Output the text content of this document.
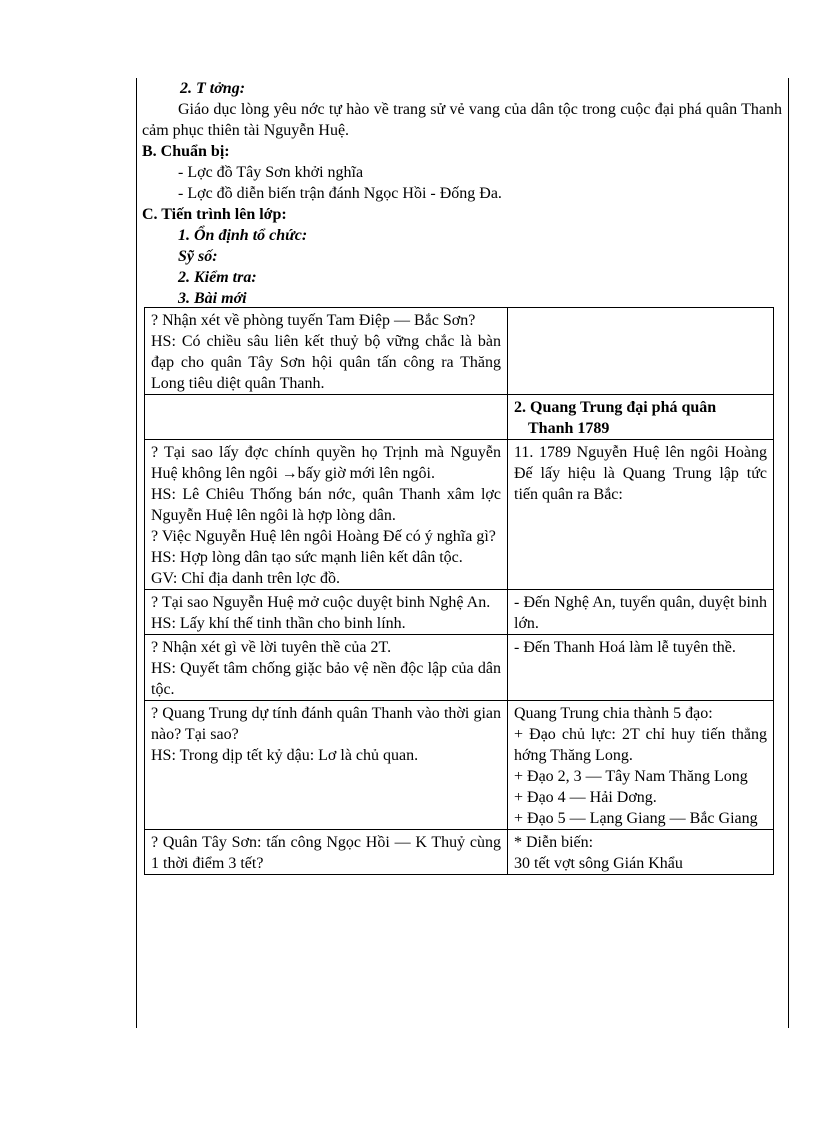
2. T tởng:
Giáo dục lòng yêu nớc tự hào về trang sử vẻ vang của dân tộc trong cuộc đại phá quân Thanh cảm phục thiên tài Nguyễn Huệ.
B. Chuẩn bị:
- Lợc đồ Tây Sơn khởi nghĩa
- Lợc đồ diễn biến trận đánh Ngọc Hồi - Đống Đa.
C. Tiến trình lên lớp:
1. Ổn định tổ chức:
Sỹ số:
2. Kiểm tra:
3. Bài mới
? Nhận xét về phòng tuyến Tam Điệp — Bắc Sơn?
HS: Có chiều sâu liên kết thuỷ bộ vững chắc là bàn đạp cho quân Tây Sơn hội quân tấn công ra Thăng Long tiêu diệt quân Thanh.	

	2. Quang Trung đại phá quân
Thanh 1789

? Tại sao lấy đợc chính quyền họ Trịnh mà Nguyễn Huệ không lên ngôi →bấy giờ mới lên ngôi.
HS: Lê Chiêu Thống bán nớc, quân Thanh xâm lợc Nguyễn Huệ lên ngôi là hợp lòng dân.
? Việc Nguyễn Huệ lên ngôi Hoàng Đế có ý nghĩa gì?
HS: Hợp lòng dân tạo sức mạnh liên kết dân tộc.
GV: Chỉ địa danh trên lợc đồ.	11. 1789 Nguyễn Huệ lên ngôi Hoàng Đế lấy hiệu là Quang Trung lập tức tiến quân ra Bắc:

? Tại sao Nguyễn Huệ mở cuộc duyệt binh Nghệ An.
HS: Lấy khí thế tinh thần cho binh lính.	- Đến Nghệ An, tuyển quân, duyệt binh lớn.

? Nhận xét gì về lời tuyên thề của 2T.
HS: Quyết tâm chống giặc bảo vệ nền độc lập của dân tộc.	- Đến Thanh Hoá làm lễ tuyên thề.

? Quang Trung dự tính đánh quân Thanh vào thời gian nào? Tại sao?
HS: Trong dịp tết kỷ dậu: Lơ là chủ quan.	Quang Trung chia thành 5 đạo:
+ Đạo chủ lực: 2T chỉ huy tiến thẳng hớng Thăng Long.
+ Đạo 2, 3 — Tây Nam Thăng Long
+ Đạo 4 — Hải Dơng.
+ Đạo 5 — Lạng Giang — Bắc Giang

? Quân Tây Sơn: tấn công Ngọc Hồi — K Thuỷ cùng 1 thời điểm 3 tết?	* Diễn biến:
30 tết vợt sông Gián Khẩu
